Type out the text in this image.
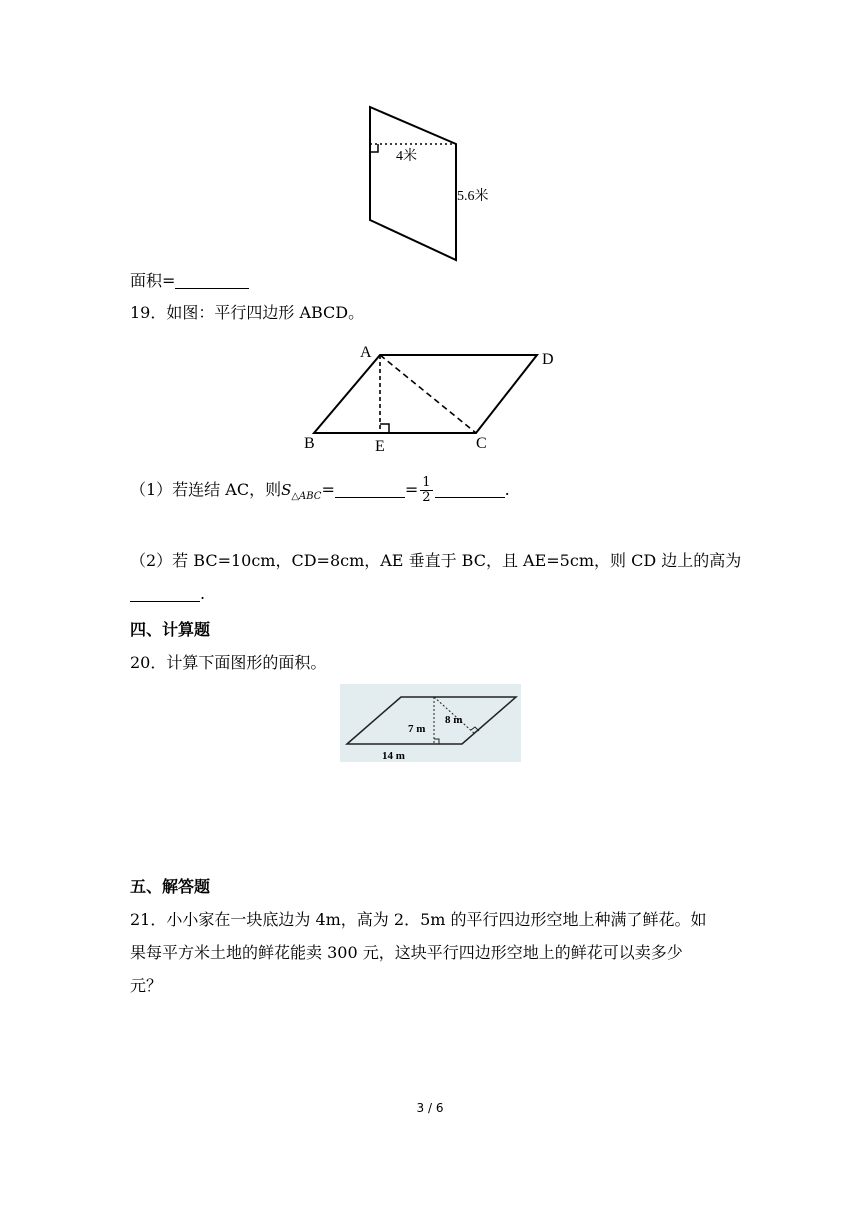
4米
5.6米
面积=
19．如图：平行四边形 ABCD。
A	D
B	E	C
（1）若连结 AC，则$S_{\triangle ABC}=$	= $\frac{1}{2}$	.
（2）若 BC=10cm，CD=8cm，AE 垂直于 BC，且 AE=5cm，则 CD 边上的高为
.
四、计算题
20．计算下面图形的面积。
7 m
8 m
14 m
五、解答题
21．小小家在一块底边为 4m，高为 2．5m 的平行四边形空地上种满了鲜花。如
果每平方米土地的鲜花能卖 300 元，这块平行四边形空地上的鲜花可以卖多少
元？
3 / 6
